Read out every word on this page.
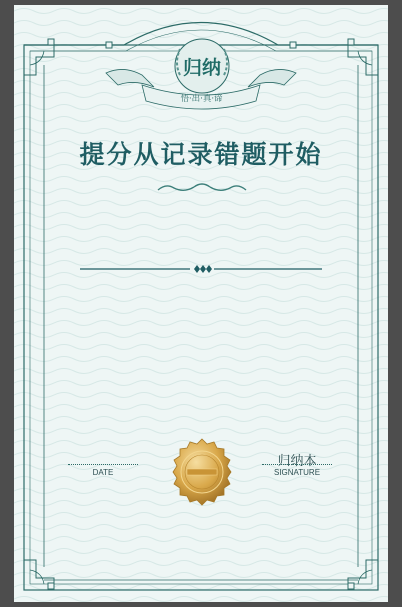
归纳
悟·出·真·谛
提分从记录错题开始
DATE
归纳本
SIGNATURE
